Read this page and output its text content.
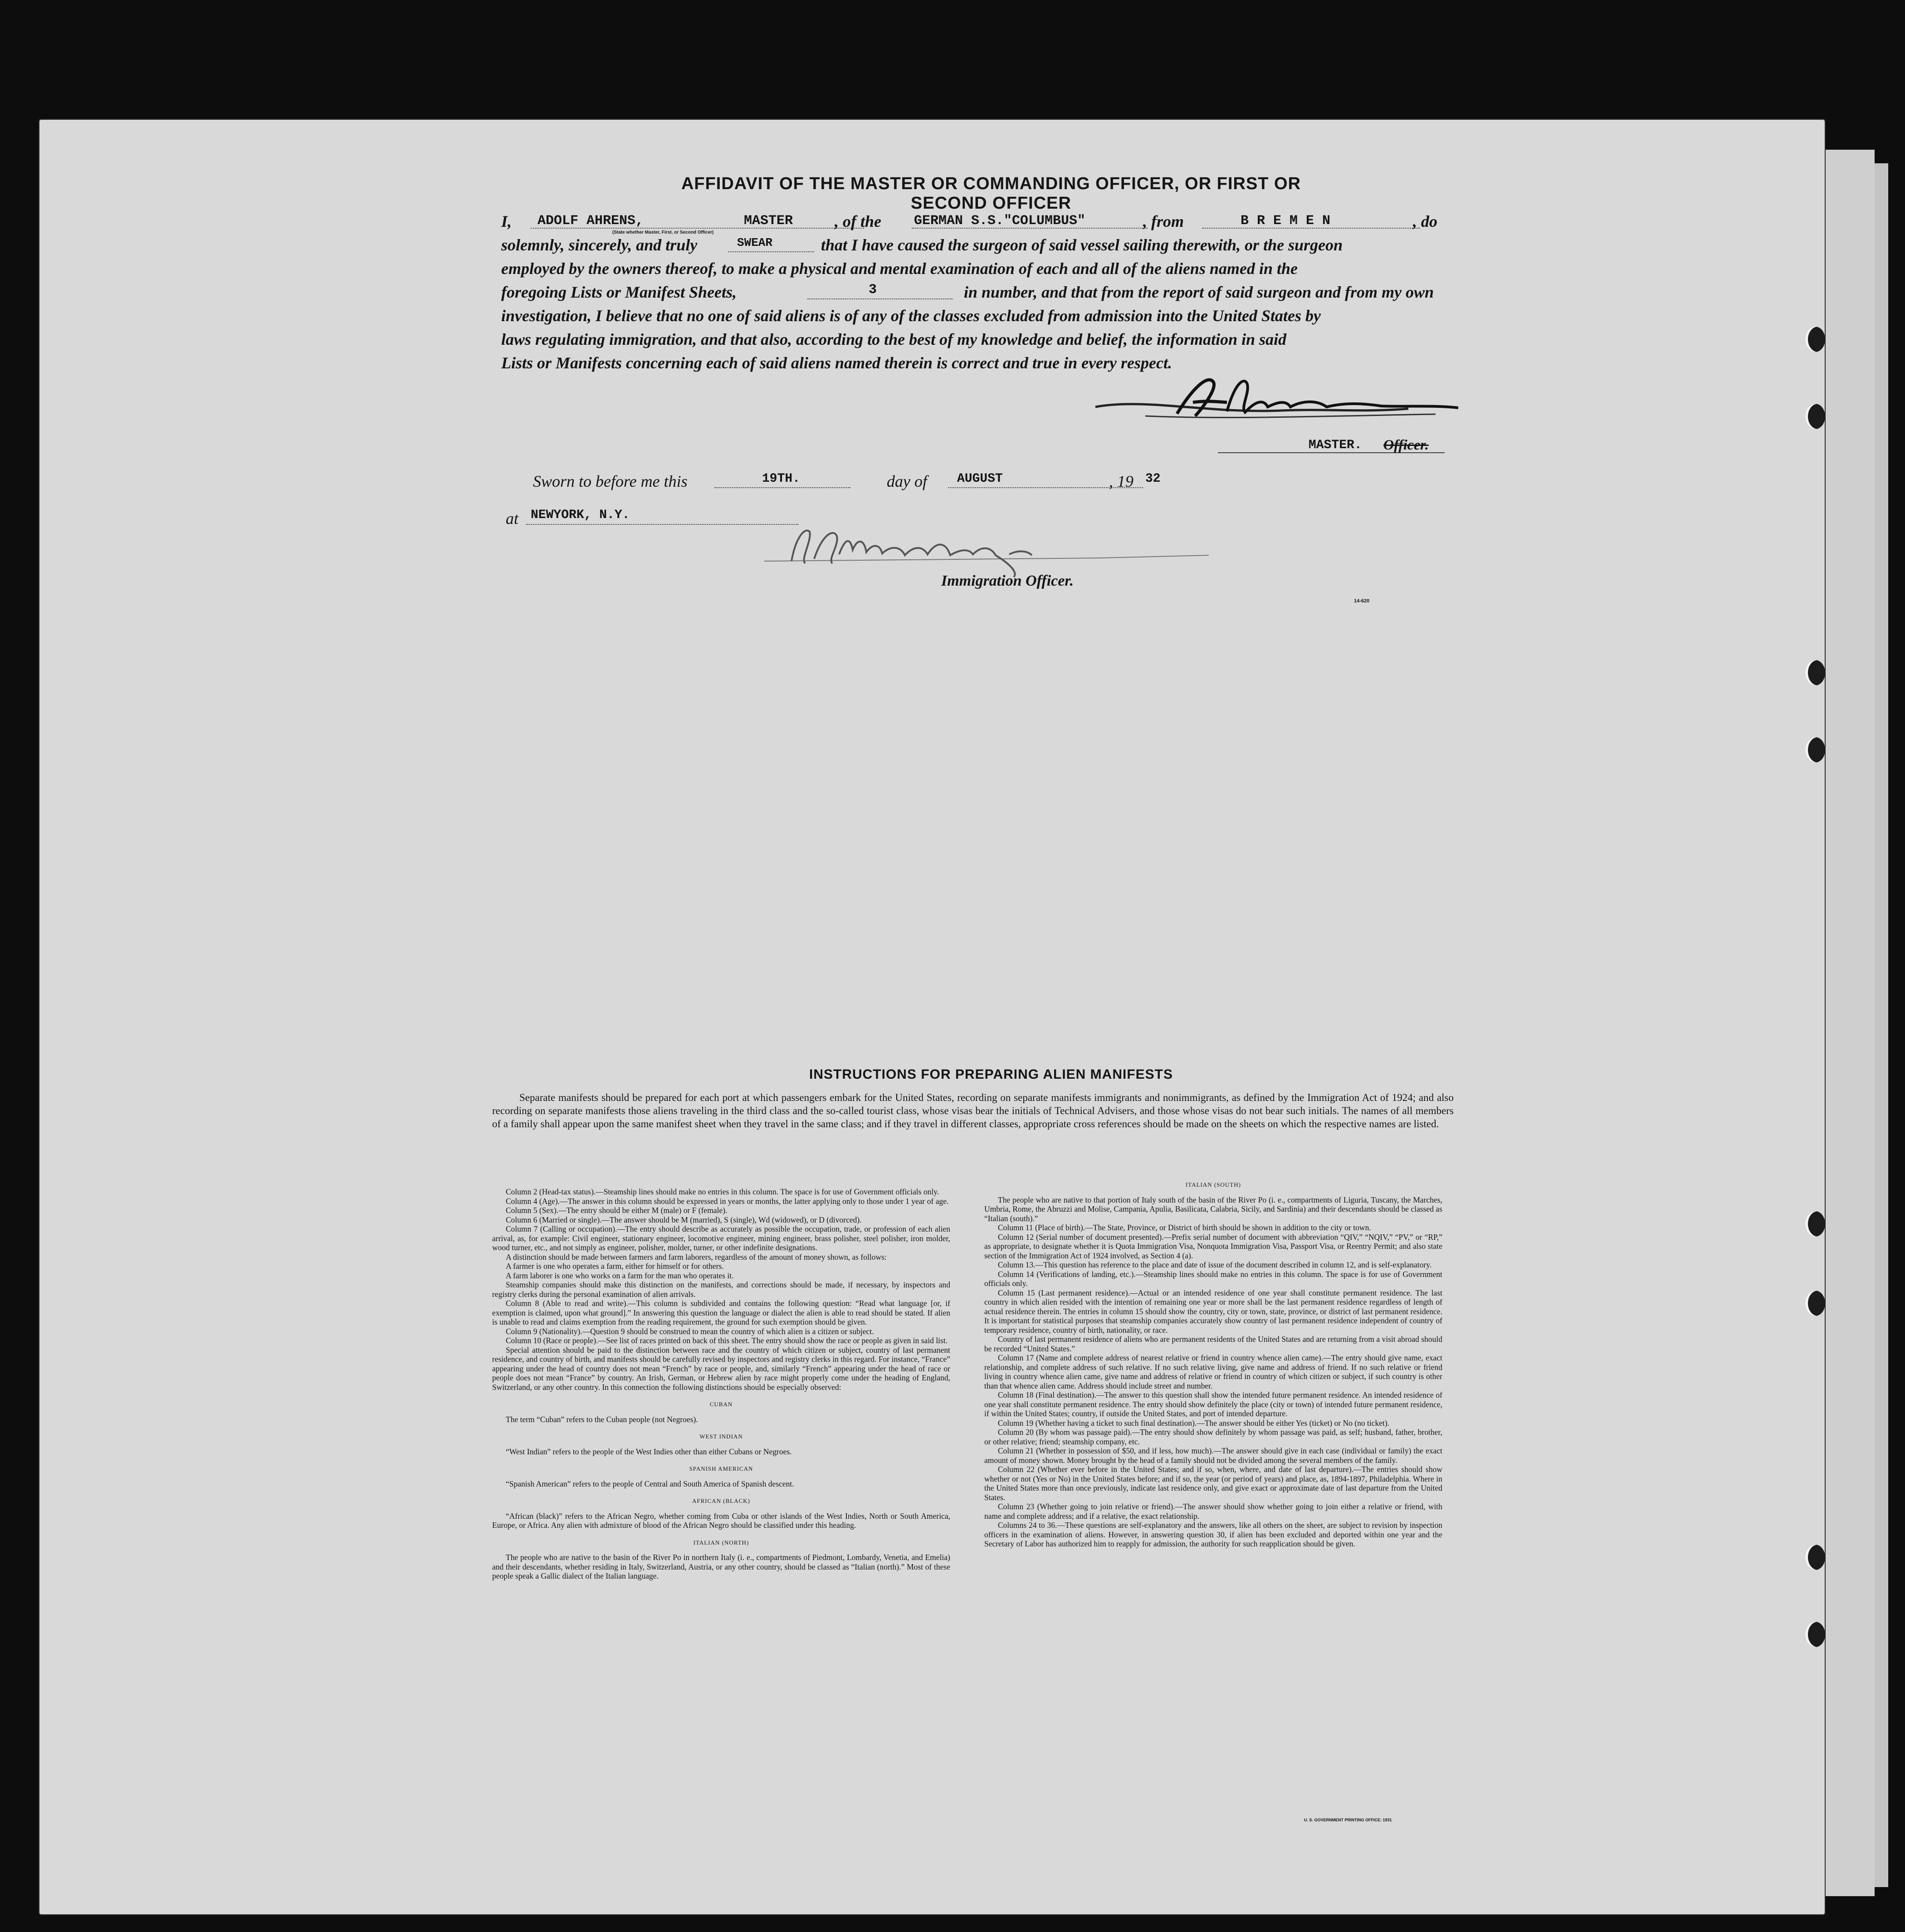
AFFIDAVIT OF THE MASTER OR COMMANDING OFFICER, OR FIRST OR SECOND OFFICER
I, ADOLF AHRENS,	MASTER	, of the GERMAN S.S."COLUMBUS"	, from	B R E M E N	, do
(State whether Master, First, or Second Officer)
solemnly, sincerely, and truly	SWEAR	that I have caused the surgeon of said vessel sailing therewith, or the surgeon
employed by the owners thereof, to make a physical and mental examination of each and all of the aliens named in the
foregoing Lists or Manifest Sheets,	3	in number, and that from the report of said surgeon and from my own
investigation, I believe that no one of said aliens is of any of the classes excluded from admission into the United States by
laws regulating immigration, and that also, according to the best of my knowledge and belief, the information in said
Lists or Manifests concerning each of said aliens named therein is correct and true in every respect.
MASTER. Officer.
Sworn to before me this	19TH.	day of AUGUST	, 19 32
at NEWYORK, N.Y.
Immigration Officer.
14-620
INSTRUCTIONS FOR PREPARING ALIEN MANIFESTS
Separate manifests should be prepared for each port at which passengers embark for the United States, recording on separate manifests immigrants and nonimmigrants, as defined by the Immigration Act of 1924; and also recording on separate manifests those aliens traveling in the third class and the so-called tourist class, whose visas bear the initials of Technical Advisers, and those whose visas do not bear such initials. The names of all members of a family shall appear upon the same manifest sheet when they travel in the same class; and if they travel in different classes, appropriate cross references should be made on the sheets on which the respective names are listed.

Column 2 (Head-tax status).—Steamship lines should make no entries in this column. The space is for use of Government officials only.

Column 4 (Age).—The answer in this column should be expressed in years or months, the latter applying only to those under 1 year of age.

Column 5 (Sex).—The entry should be either M (male) or F (female).

Column 6 (Married or single).—The answer should be M (married), S (single), Wd (widowed), or D (divorced).

Column 7 (Calling or occupation).—The entry should describe as accurately as possible the occupation, trade, or profession of each alien arrival, as, for example: Civil engineer, stationary engineer, locomotive engineer, mining engineer, brass polisher, steel polisher, iron molder, wood turner, etc., and not simply as engineer, polisher, molder, turner, or other indefinite designations.

A distinction should be made between farmers and farm laborers, regardless of the amount of money shown, as follows:

A farmer is one who operates a farm, either for himself or for others.

A farm laborer is one who works on a farm for the man who operates it.

Steamship companies should make this distinction on the manifests, and corrections should be made, if necessary, by inspectors and registry clerks during the personal examination of alien arrivals.

Column 8 (Able to read and write).—This column is subdivided and contains the following question: “Read what language [or, if exemption is claimed, upon what ground].” In answering this question the language or dialect the alien is able to read should be stated. If alien is unable to read and claims exemption from the reading requirement, the ground for such exemption should be given.

Column 9 (Nationality).—Question 9 should be construed to mean the country of which alien is a citizen or subject.

Column 10 (Race or people).—See list of races printed on back of this sheet. The entry should show the race or people as given in said list.

Special attention should be paid to the distinction between race and the country of which citizen or subject, country of last permanent residence, and country of birth, and manifests should be carefully revised by inspectors and registry clerks in this regard. For instance, “France” appearing under the head of country does not mean “French” by race or people, and, similarly “French” appearing under the head of race or people does not mean “France” by country. An Irish, German, or Hebrew alien by race might properly come under the heading of England, Switzerland, or any other country. In this connection the following distinctions should be especially observed:

CUBAN

The term “Cuban” refers to the Cuban people (not Negroes).

WEST INDIAN

“West Indian” refers to the people of the West Indies other than either Cubans or Negroes.

SPANISH AMERICAN

“Spanish American” refers to the people of Central and South America of Spanish descent.

AFRICAN (BLACK)

“African (black)” refers to the African Negro, whether coming from Cuba or other islands of the West Indies, North or South America, Europe, or Africa. Any alien with admixture of blood of the African Negro should be classified under this heading.

ITALIAN (NORTH)

The people who are native to the basin of the River Po in northern Italy (i. e., compartments of Piedmont, Lombardy, Venetia, and Emelia) and their descendants, whether residing in Italy, Switzerland, Austria, or any other country, should be classed as “Italian (north).” Most of these people speak a Gallic dialect of the Italian language.

ITALIAN (SOUTH)

The people who are native to that portion of Italy south of the basin of the River Po (i. e., compartments of Liguria, Tuscany, the Marches, Umbria, Rome, the Abruzzi and Molise, Campania, Apulia, Basilicata, Calabria, Sicily, and Sardinia) and their descendants should be classed as “Italian (south).”

Column 11 (Place of birth).—The State, Province, or District of birth should be shown in addition to the city or town.

Column 12 (Serial number of document presented).—Prefix serial number of document with abbreviation “QIV,” “NQIV,” “PV,” or “RP,” as appropriate, to designate whether it is Quota Immigration Visa, Nonquota Immigration Visa, Passport Visa, or Reentry Permit; and also state section of the Immigration Act of 1924 involved, as Section 4 (a).

Column 13.—This question has reference to the place and date of issue of the document described in column 12, and is self-explanatory.

Column 14 (Verifications of landing, etc.).—Steamship lines should make no entries in this column. The space is for use of Government officials only.

Column 15 (Last permanent residence).—Actual or an intended residence of one year shall constitute permanent residence. The last country in which alien resided with the intention of remaining one year or more shall be the last permanent residence regardless of length of actual residence therein. The entries in column 15 should show the country, city or town, state, province, or district of last permanent residence. It is important for statistical purposes that steamship companies accurately show country of last permanent residence independent of country of temporary residence, country of birth, nationality, or race.

Country of last permanent residence of aliens who are permanent residents of the United States and are returning from a visit abroad should be recorded “United States.”

Column 17 (Name and complete address of nearest relative or friend in country whence alien came).—The entry should give name, exact relationship, and complete address of such relative. If no such relative living, give name and address of friend. If no such relative or friend living in country whence alien came, give name and address of relative or friend in country of which citizen or subject, if such country is other than that whence alien came. Address should include street and number.

Column 18 (Final destination).—The answer to this question shall show the intended future permanent residence. An intended residence of one year shall constitute permanent residence. The entry should show definitely the place (city or town) of intended future permanent residence, if within the United States; country, if outside the United States, and port of intended departure.

Column 19 (Whether having a ticket to such final destination).—The answer should be either Yes (ticket) or No (no ticket).

Column 20 (By whom was passage paid).—The entry should show definitely by whom passage was paid, as self; husband, father, brother, or other relative; friend; steamship company, etc.

Column 21 (Whether in possession of $50, and if less, how much).—The answer should give in each case (individual or family) the exact amount of money shown. Money brought by the head of a family should not be divided among the several members of the family.

Column 22 (Whether ever before in the United States; and if so, when, where, and date of last departure).—The entries should show whether or not (Yes or No) in the United States before; and if so, the year (or period of years) and place, as, 1894-1897, Philadelphia. Where in the United States more than once previously, indicate last residence only, and give exact or approximate date of last departure from the United States.

Column 23 (Whether going to join relative or friend).—The answer should show whether going to join either a relative or friend, with name and complete address; and if a relative, the exact relationship.

Columns 24 to 36.—These questions are self-explanatory and the answers, like all others on the sheet, are subject to revision by inspection officers in the examination of aliens. However, in answering question 30, if alien has been excluded and deported within one year and the Secretary of Labor has authorized him to reapply for admission, the authority for such reapplication should be given.

U. S. GOVERNMENT PRINTING OFFICE: 1931
